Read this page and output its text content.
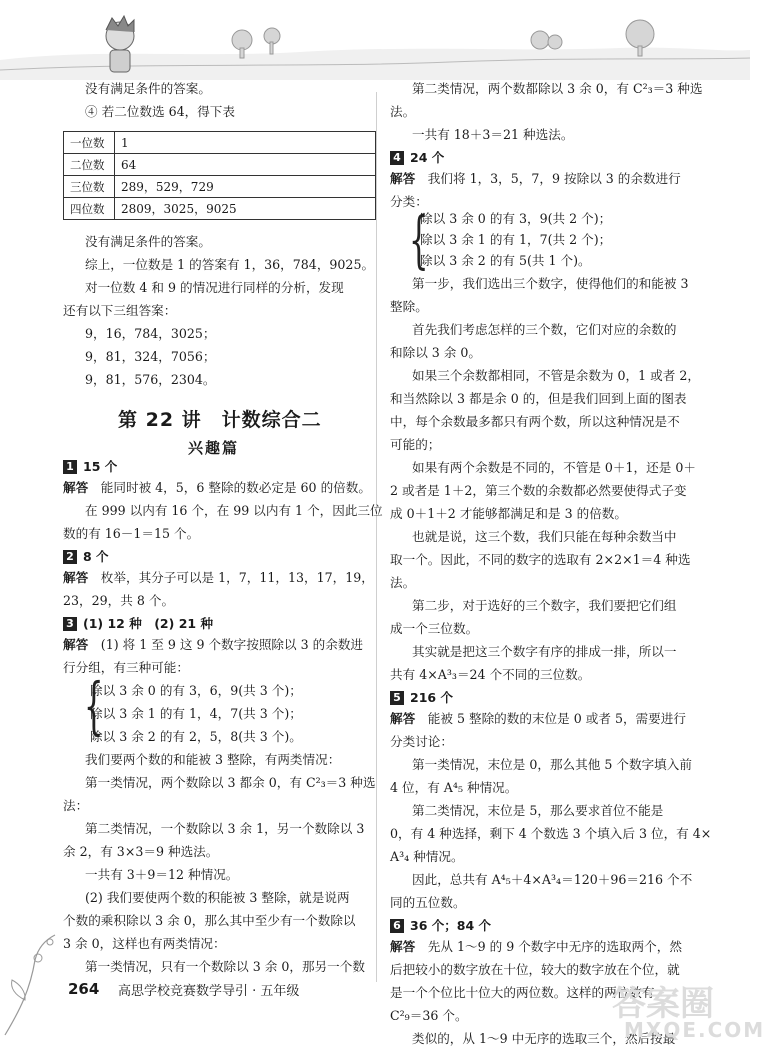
没有满足条件的答案。
④ 若二位数选 64，得下表
一位数	1
二位数	64
三位数	289，529，729
四位数	2809，3025，9025
没有满足条件的答案。
综上，一位数是 1 的答案有 1，36，784，9025。
对一位数 4 和 9 的情况进行同样的分析，发现
还有以下三组答案：
9，16，784，3025；
9，81，324，7056；
9，81，576，2304。
第 22 讲　计数综合二
兴趣篇
1 15 个
解答　 能同时被 4，5，6 整除的数必定是 60 的倍数。
在 999 以内有 16 个，在 99 以内有 1 个，因此三位
数的有 16－1＝15 个。
2 8 个
解答　 枚举，其分子可以是 1，7，11，13，17，19，
23，29，共 8 个。
3 (1) 12 种　(2) 21 种
解答　 (1) 将 1 至 9 这 9 个数字按照除以 3 的余数进
行分组，有三种可能：
{
除以 3 余 0 的有 3，6，9(共 3 个)；
除以 3 余 1 的有 1，4，7(共 3 个)；
除以 3 余 2 的有 2，5，8(共 3 个)。
我们要两个数的和能被 3 整除，有两类情况：
第一类情况，两个数除以 3 都余 0，有 C²₃＝3 种选
法：
第二类情况，一个数除以 3 余 1，另一个数除以 3
余 2，有 3×3＝9 种选法。
一共有 3＋9＝12 种情况。
(2) 我们要使两个数的积能被 3 整除，就是说两
个数的乘积除以 3 余 0，那么其中至少有一个数除以
3 余 0，这样也有两类情况：
第一类情况，只有一个数除以 3 余 0，那另一个数
第二类情况，两个数都除以 3 余 0，有 C²₃＝3 种选
法。
一共有 18＋3＝21 种选法。
4 24 个
解答　 我们将 1，3，5，7，9 按除以 3 的余数进行
分类：
{
除以 3 余 0 的有 3，9(共 2 个)；
除以 3 余 1 的有 1，7(共 2 个)；
除以 3 余 2 的有 5(共 1 个)。
第一步，我们选出三个数字，使得他们的和能被 3
整除。
首先我们考虑怎样的三个数，它们对应的余数的
和除以 3 余 0。
如果三个余数都相同，不管是余数为 0，1 或者 2，
和当然除以 3 都是余 0 的，但是我们回到上面的图表
中，每个余数最多都只有两个数，所以这种情况是不
可能的；
如果有两个余数是不同的，不管是 0＋1，还是 0＋
2 或者是 1＋2，第三个数的余数都必然要使得式子变
成 0＋1＋2 才能够都满足和是 3 的倍数。
也就是说，这三个数，我们只能在每种余数当中
取一个。因此，不同的数字的选取有 2×2×1＝4 种选
法。
第二步，对于选好的三个数字，我们要把它们组
成一个三位数。
其实就是把这三个数字有序的排成一排，所以一
共有 4×A³₃＝24 个不同的三位数。
5 216 个
解答　 能被 5 整除的数的末位是 0 或者 5，需要进行
分类讨论：
第一类情况，末位是 0，那么其他 5 个数字填入前
4 位，有 A⁴₅ 种情况。
第二类情况，末位是 5，那么要求首位不能是
0，有 4 种选择，剩下 4 个数选 3 个填入后 3 位，有 4×
A³₄ 种情况。
因此，总共有 A⁴₅＋4×A³₄＝120＋96＝216 个不
同的五位数。
6 36 个；84 个
解答　 先从 1～9 的 9 个数字中无序的选取两个，然
后把较小的数字放在十位，较大的数字放在个位，就
是一个个位比十位大的两位数。这样的两位数有
C²₉＝36 个。
类似的，从 1～9 中无序的选取三个，然后按最
264 高思学校竞赛数学导引 · 五年级	答案圈
MXQE.COM
